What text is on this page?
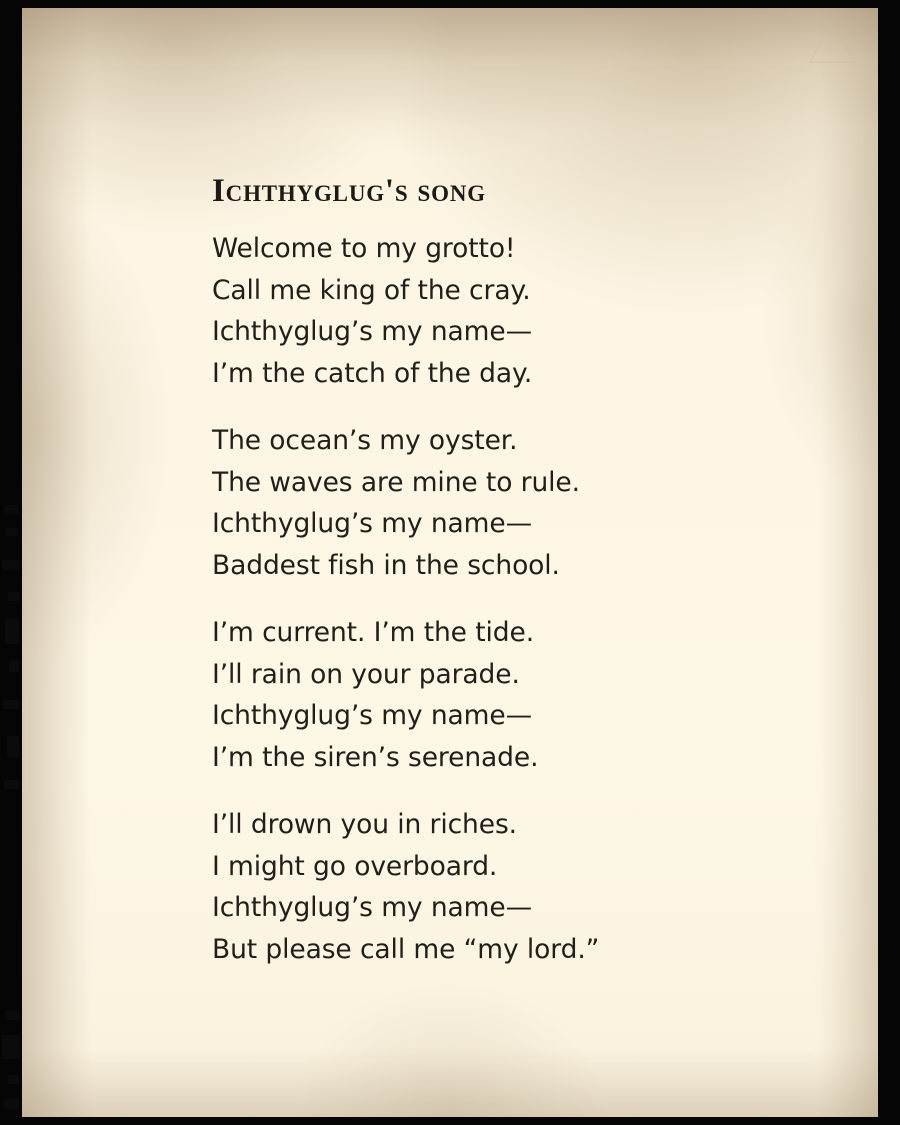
Ichthyglug's song
Welcome to my grotto!
Call me king of the cray.
Ichthyglug’s my name—
I’m the catch of the day.
The ocean’s my oyster.
The waves are mine to rule.
Ichthyglug’s my name—
Baddest fish in the school.
I’m current. I’m the tide.
I’ll rain on your parade.
Ichthyglug’s my name—
I’m the siren’s serenade.
I’ll drown you in riches.
I might go overboard.
Ichthyglug’s my name—
But please call me “my lord.”
